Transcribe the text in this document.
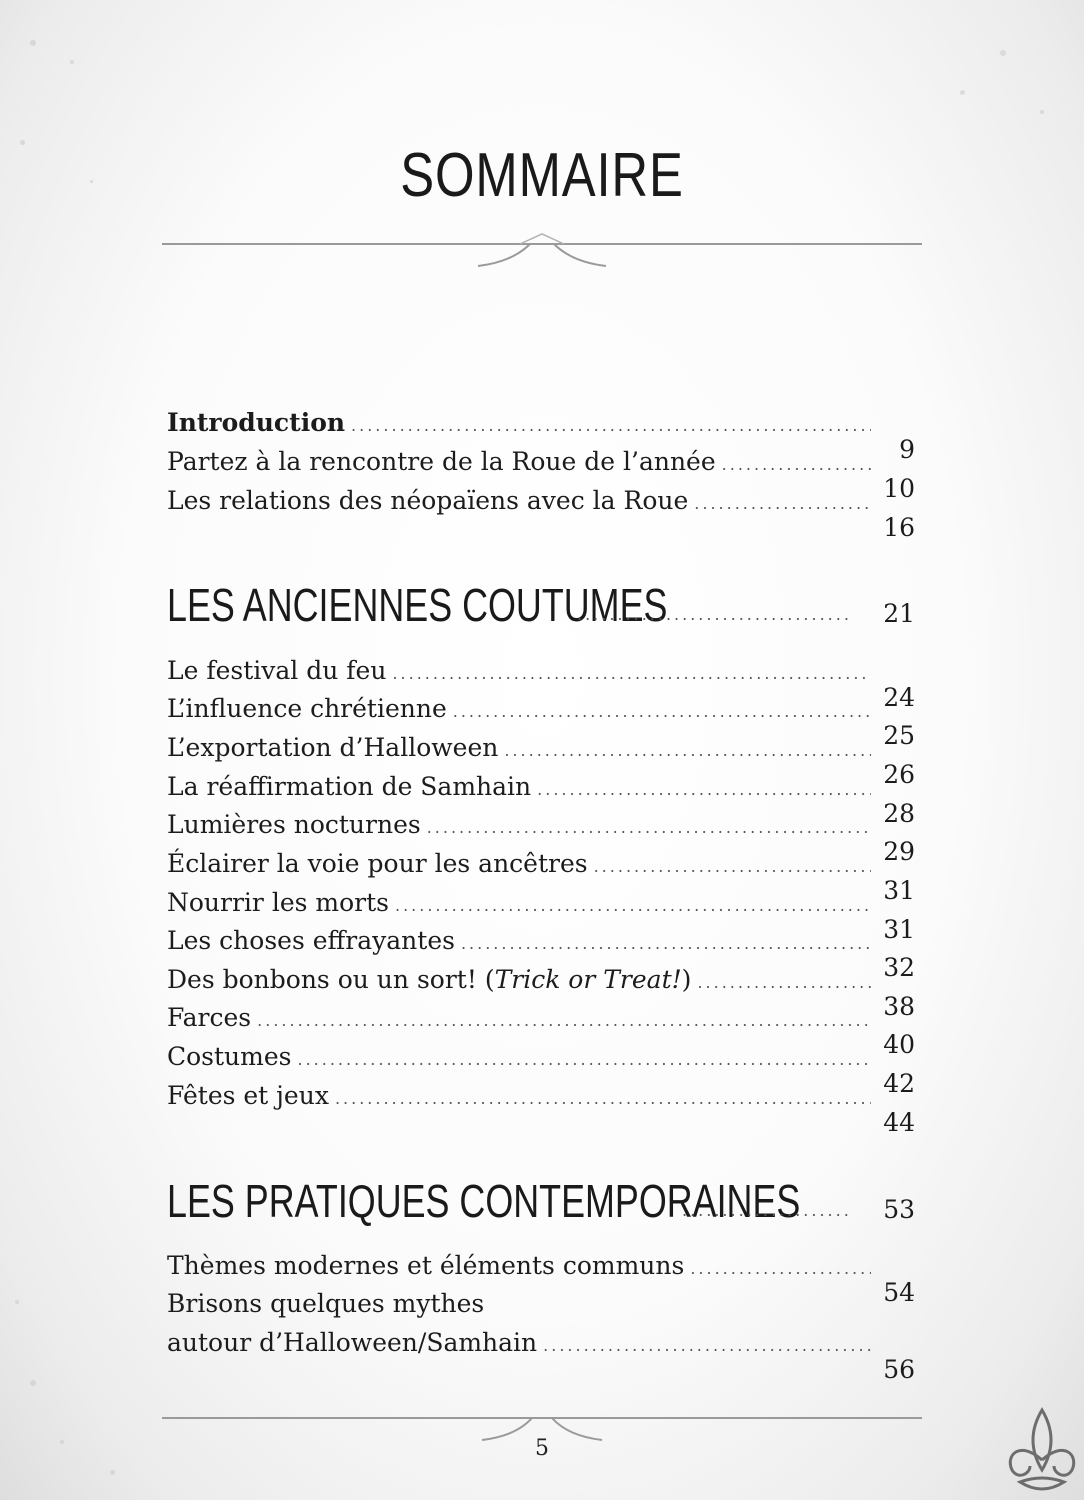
SOMMAIRE
Introduction
.....
9
Partez à la rencontre de la Roue de l’année
.....
10
Les relations des néopaïens avec la Roue
.....
16
LES ANCIENNES COUTUMES .....	21
Le festival du feu
.....
24
L’influence chrétienne
.....
25
L’exportation d’Halloween
.....
26
La réaffirmation de Samhain
.....
28
Lumières nocturnes
.....
29
Éclairer la voie pour les ancêtres
.....
31
Nourrir les morts
.....
31
Les choses effrayantes
.....
32
Des bonbons ou un sort! (Trick or Treat!)
.....
38
Farces
.....
40
Costumes
.....
42
Fêtes et jeux
.....
44
LES PRATIQUES CONTEMPORAINES .....	53
Thèmes modernes et éléments communs
.....
54
Brisons quelques mythes
autour d’Halloween/Samhain
.....
56
5
